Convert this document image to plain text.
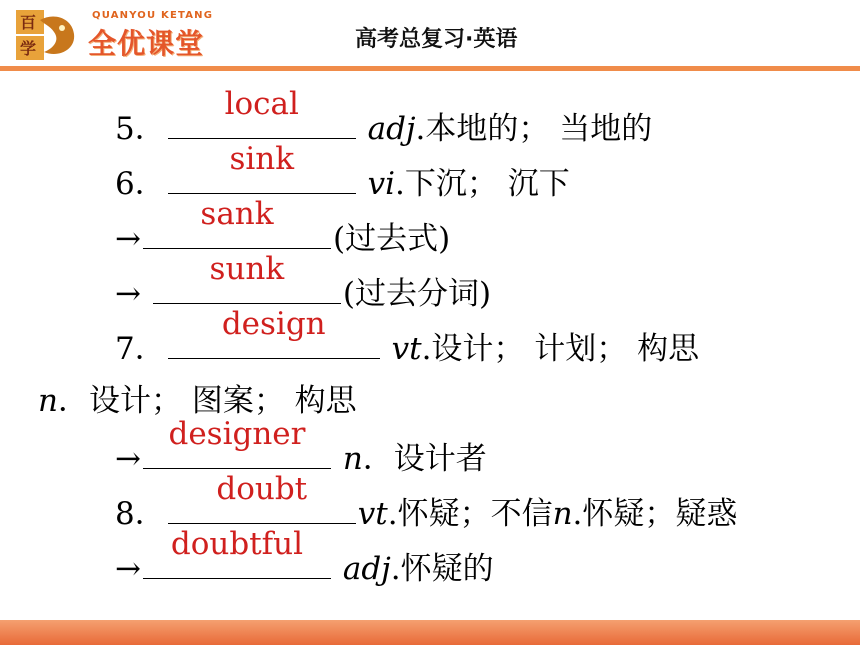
百
学
QUANYOU KETANG
全优课堂	高考总复习·英语
5．
local
adj.本地的； 当地的
6．
sink
vi.下沉； 沉下
→
sank
(过去式)
→
sunk
(过去分词)
7．
design
vt.设计； 计划； 构思
n．设计； 图案； 构思
→
designer
n．设计者
8．
doubt
vt.怀疑；不信n.怀疑；疑惑
→
doubtful
adj.怀疑的
